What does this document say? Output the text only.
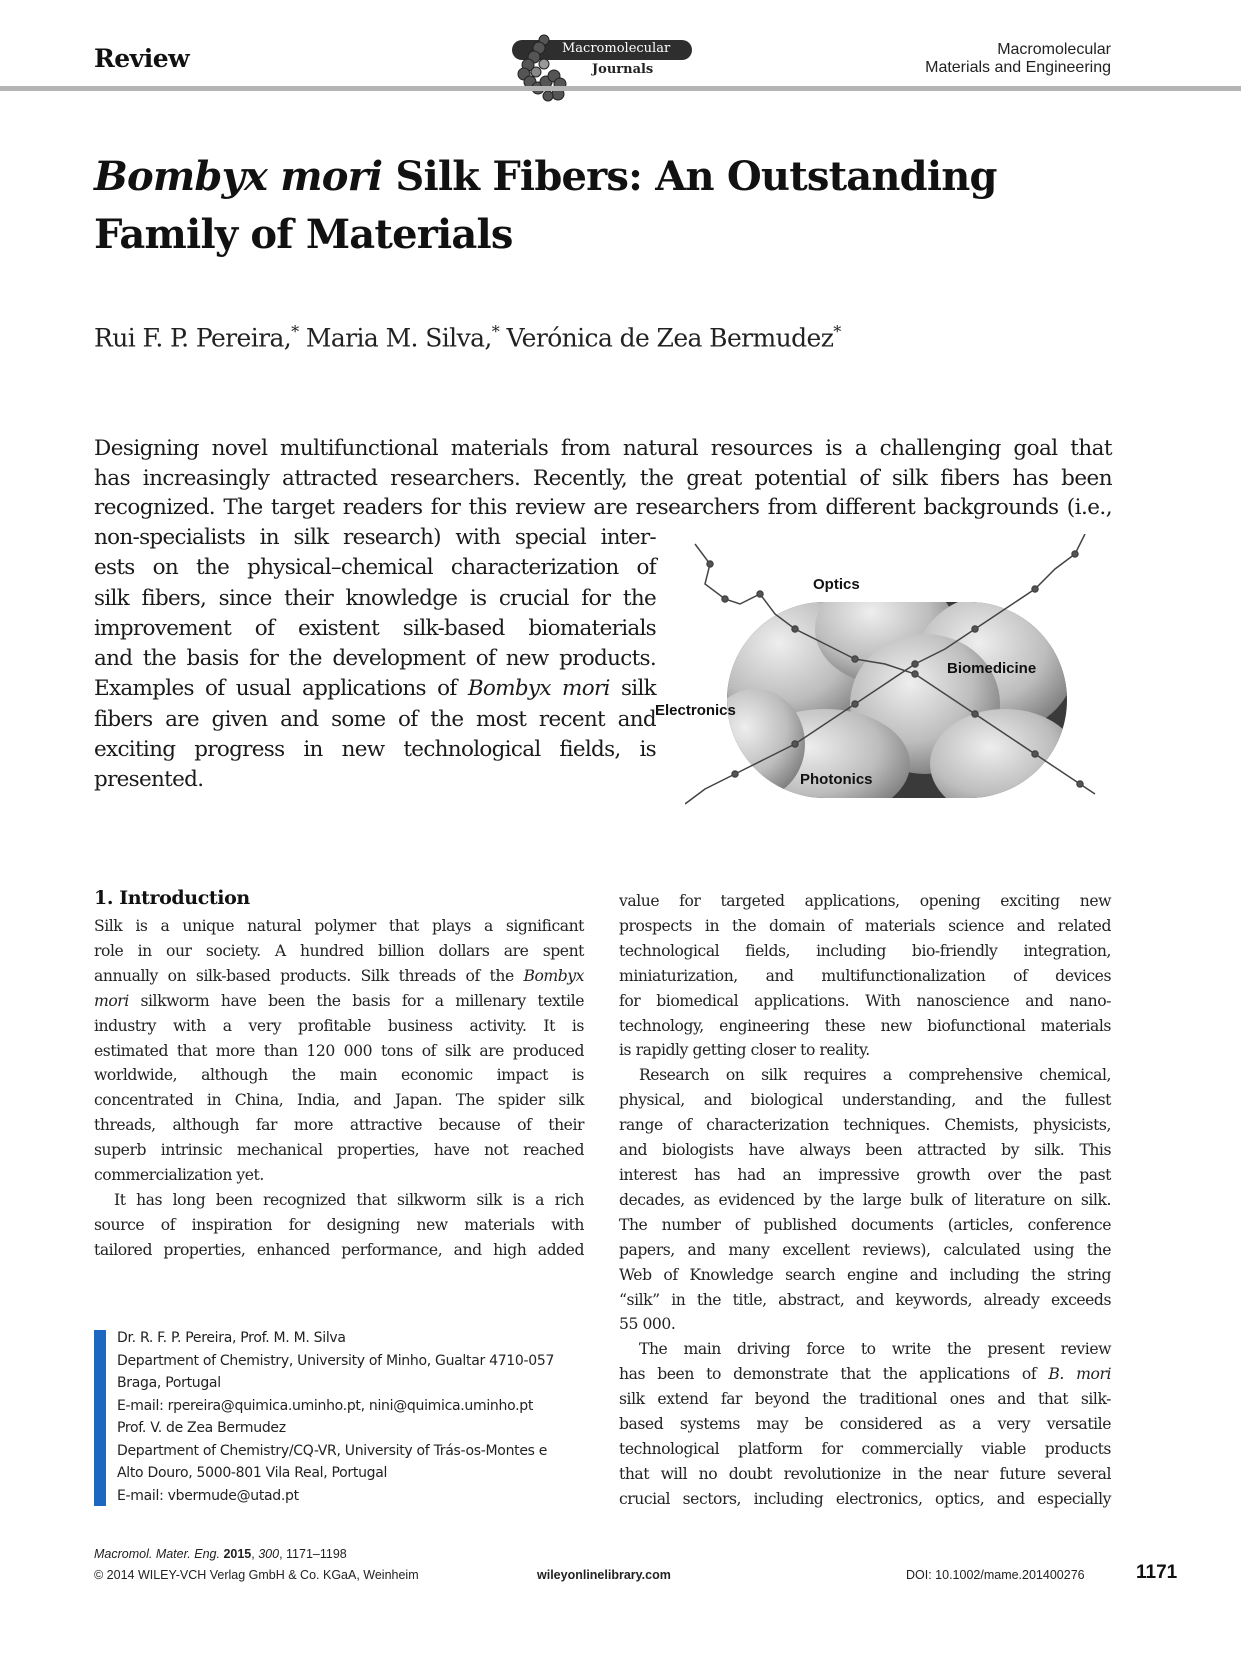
Review	Macromolecular
Journals
Macromolecular
Materials and Engineering
Bombyx mori Silk Fibers: An Outstanding
Family of Materials
Rui F. P. Pereira,* Maria M. Silva,* Verónica de Zea Bermudez*
Designing novel multifunctional materials from natural resources is a challenging goal that
has increasingly attracted researchers. Recently, the great potential of silk fibers has been
recognized. The target readers for this review are researchers from different backgrounds (i.e.,
non-specialists in silk research) with special inter-
ests on the physical–chemical characterization of
silk fibers, since their knowledge is crucial for the
improvement of existent silk-based biomaterials
and the basis for the development of new products.
Examples of usual applications of Bombyx mori silk
fibers are given and some of the most recent and
exciting progress in new technological fields, is
presented.
Optics
Biomedicine
Electronics
Photonics
1. Introduction
Silk is a unique natural polymer that plays a significant
role in our society. A hundred billion dollars are spent
annually on silk-based products. Silk threads of the Bombyx
mori silkworm have been the basis for a millenary textile
industry with a very profitable business activity. It is
estimated that more than 120 000 tons of silk are produced
worldwide, although the main economic impact is
concentrated in China, India, and Japan. The spider silk
threads, although far more attractive because of their
superb intrinsic mechanical properties, have not reached
commercialization yet.
It has long been recognized that silkworm silk is a rich
source of inspiration for designing new materials with
tailored properties, enhanced performance, and high added
value for targeted applications, opening exciting new
prospects in the domain of materials science and related
technological fields, including bio-friendly integration,
miniaturization, and multifunctionalization of devices
for biomedical applications. With nanoscience and nano-
technology, engineering these new biofunctional materials
is rapidly getting closer to reality.
Research on silk requires a comprehensive chemical,
physical, and biological understanding, and the fullest
range of characterization techniques. Chemists, physicists,
and biologists have always been attracted by silk. This
interest has had an impressive growth over the past
decades, as evidenced by the large bulk of literature on silk.
The number of published documents (articles, conference
papers, and many excellent reviews), calculated using the
Web of Knowledge search engine and including the string
“silk” in the title, abstract, and keywords, already exceeds
55 000.
The main driving force to write the present review
has been to demonstrate that the applications of B. mori
silk extend far beyond the traditional ones and that silk-
based systems may be considered as a very versatile
technological platform for commercially viable products
that will no doubt revolutionize in the near future several
crucial sectors, including electronics, optics, and especially
Dr. R. F. P. Pereira, Prof. M. M. Silva
Department of Chemistry, University of Minho, Gualtar 4710-057
Braga, Portugal
E-mail: rpereira@quimica.uminho.pt, nini@quimica.uminho.pt
Prof. V. de Zea Bermudez
Department of Chemistry/CQ-VR, University of Trás-os-Montes e
Alto Douro, 5000-801 Vila Real, Portugal
E-mail: vbermude@utad.pt
Macromol. Mater. Eng. 2015, 300, 1171–1198
© 2014 WILEY-VCH Verlag GmbH & Co. KGaA, Weinheim	wileyonlinelibrary.com	DOI: 10.1002/mame.201400276	1171
